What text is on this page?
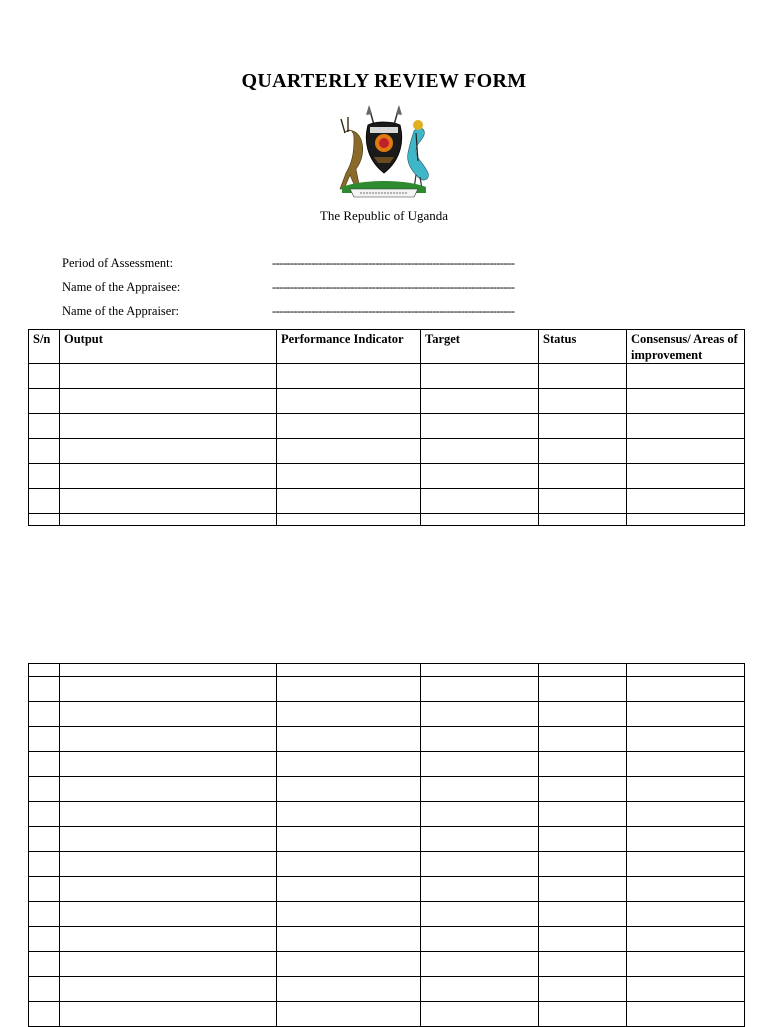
QUARTERLY REVIEW FORM
The Republic of Uganda
Period of Assessment:	--------------------------------------------------------------------
Name of the Appraisee:	--------------------------------------------------------------------
Name of the Appraiser:	--------------------------------------------------------------------
S/n	Output	Performance Indicator	Target	Status	Consensus/ Areas of improvement
